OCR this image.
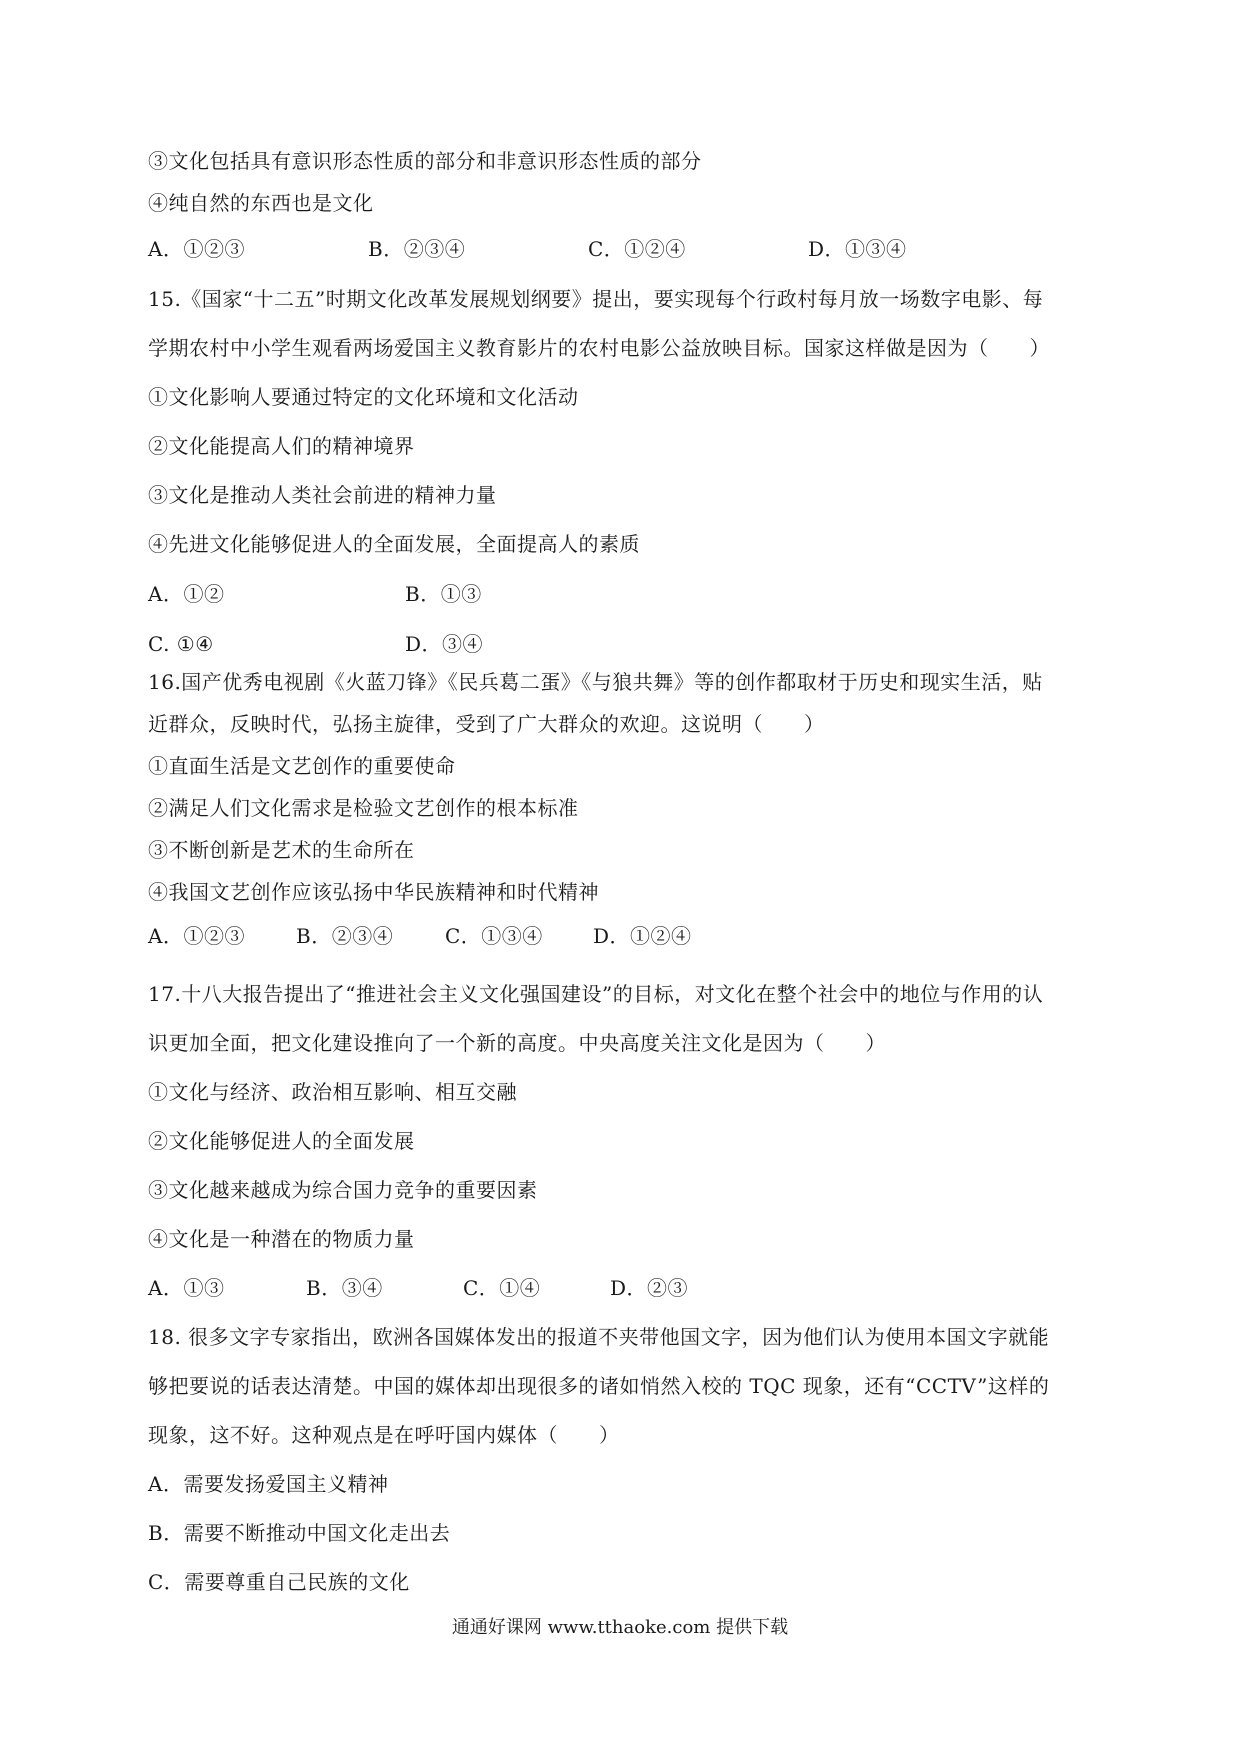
③文化包括具有意识形态性质的部分和非意识形态性质的部分
④纯自然的东西也是文化
A．①②③	B．②③④	C．①②④	D．①③④
15.《国家“十二五”时期文化改革发展规划纲要》提出，要实现每个行政村每月放一场数字电影、每
学期农村中小学生观看两场爱国主义教育影片的农村电影公益放映目标。国家这样做是因为（　　）
①文化影响人要通过特定的文化环境和文化活动
②文化能提高人们的精神境界
③文化是推动人类社会前进的精神力量
④先进文化能够促进人的全面发展，全面提高人的素质
A．①②	B．①③
C. ①④	D．③④
16.国产优秀电视剧《火蓝刀锋》《民兵葛二蛋》《与狼共舞》等的创作都取材于历史和现实生活，贴
近群众，反映时代，弘扬主旋律，受到了广大群众的欢迎。这说明（　　）
①直面生活是文艺创作的重要使命
②满足人们文化需求是检验文艺创作的根本标准
③不断创新是艺术的生命所在
④我国文艺创作应该弘扬中华民族精神和时代精神
A．①②③	B．②③④	C．①③④	D．①②④
17.十八大报告提出了“推进社会主义文化强国建设”的目标，对文化在整个社会中的地位与作用的认
识更加全面，把文化建设推向了一个新的高度。中央高度关注文化是因为（　　）
①文化与经济、政治相互影响、相互交融
②文化能够促进人的全面发展
③文化越来越成为综合国力竞争的重要因素
④文化是一种潜在的物质力量
A．①③	B．③④	C．①④	D．②③
18. 很多文字专家指出，欧洲各国媒体发出的报道不夹带他国文字，因为他们认为使用本国文字就能
够把要说的话表达清楚。中国的媒体却出现很多的诸如悄然入校的 TQC 现象，还有“CCTV”这样的
现象，这不好。这种观点是在呼吁国内媒体（　　）
A．需要发扬爱国主义精神
B．需要不断推动中国文化走出去
C．需要尊重自己民族的文化
通通好课网 www.tthaoke.com 提供下载
